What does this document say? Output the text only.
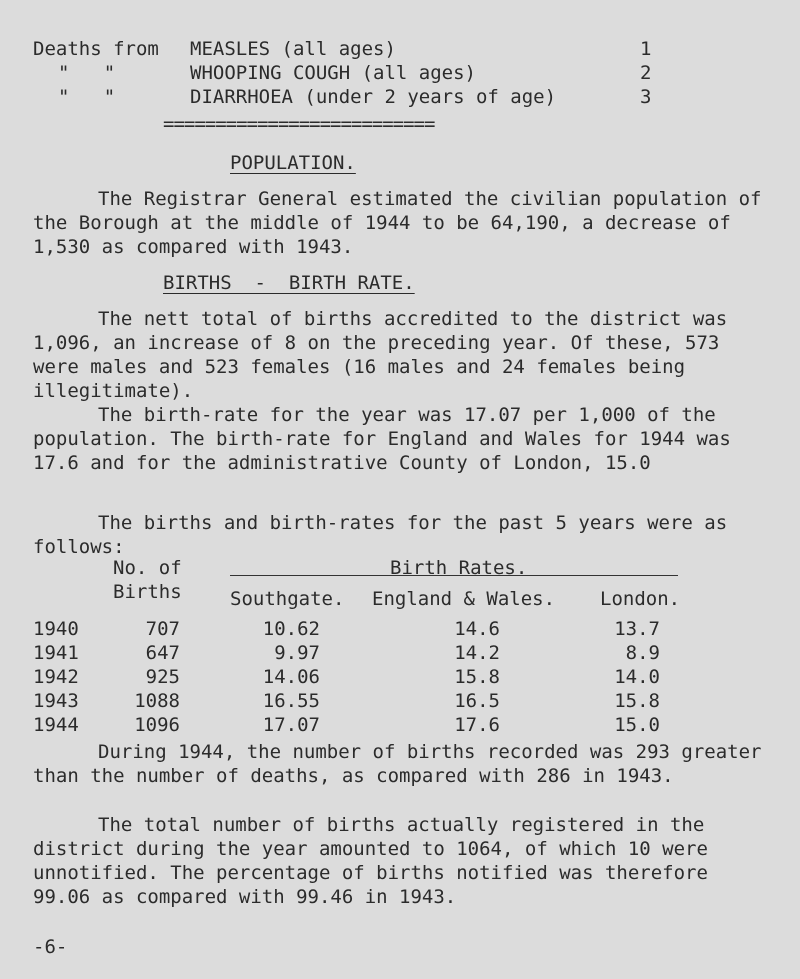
Deaths from MEASLES (all ages)	1
"   "	WHOOPING COUGH (all ages)	2
"   "	DIARRHOEA (under 2 years of age)	3
==========================
POPULATION.
The Registrar General estimated the civilian population of the Borough at the middle of 1944 to be 64,190, a decrease of 1,530 as compared with 1943.
BIRTHS  -  BIRTH RATE.
The nett total of births accredited to the district was 1,096, an increase of 8 on the preceding year. Of these, 573 were males and 523 females (16 males and 24 females being illegitimate).
The birth-rate for the year was 17.07 per 1,000 of the population. The birth-rate for England and Wales for 1944 was 17.6 and for the administrative County of London, 15.0
The births and birth-rates for the past 5 years were as follows:
No. of
Births
Birth Rates.
Southgate. England & Wales. London.
1940	707	10.62	14.6	13.7
1941	647	9.97	14.2	8.9
1942	925	14.06	15.8	14.0
1943	1088	16.55	16.5	15.8
1944	1096	17.07	17.6	15.0
During 1944, the number of births recorded was 293 greater than the number of deaths, as compared with 286 in 1943.
The total number of births actually registered in the district during the year amounted to 1064, of which 10 were unnotified. The percentage of births notified was therefore 99.06 as compared with 99.46 in 1943.
-6-
